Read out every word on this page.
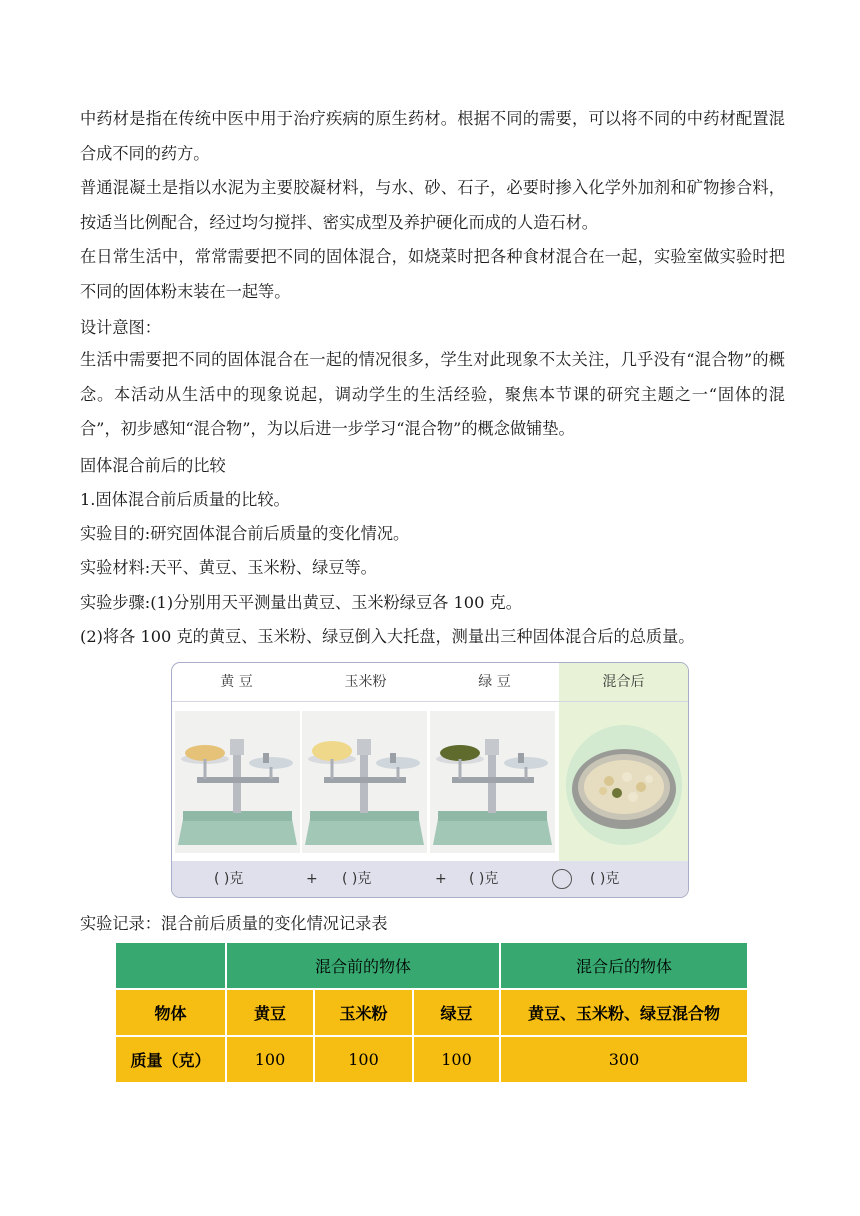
中药材是指在传统中医中用于治疗疾病的原生药材。根据不同的需要，可以将不同的中药材配置混合成不同的药方。

普通混凝土是指以水泥为主要胶凝材料，与水、砂、石子，必要时掺入化学外加剂和矿物掺合料，按适当比例配合，经过均匀搅拌、密实成型及养护硬化而成的人造石材。

在日常生活中，常常需要把不同的固体混合，如烧菜时把各种食材混合在一起，实验室做实验时把不同的固体粉末装在一起等。

设计意图：

生活中需要把不同的固体混合在一起的情况很多，学生对此现象不太关注，几乎没有“混合物”的概念。本活动从生活中的现象说起，调动学生的生活经验，聚焦本节课的研究主题之一“固体的混合”，初步感知“混合物”，为以后进一步学习“混合物”的概念做铺垫。

固体混合前后的比较
1.固体混合前后质量的比较。
实验目的:研究固体混合前后质量的变化情况。
实验材料:天平、黄豆、玉米粉、绿豆等。
实验步骤:(1)分别用天平测量出黄豆、玉米粉绿豆各 100 克。
(2)将各 100 克的黄豆、玉米粉、绿豆倒入大托盘，测量出三种固体混合后的总质量。
黄 豆	玉米粉	绿 豆	混合后
( )克	+ ( )克	+ ( )克	( )克
实验记录：混合前后质量的变化情况记录表
	混合前的物体			混合后的物体
物体	黄豆	玉米粉	绿豆	黄豆、玉米粉、绿豆混合物
质量（克）	100	100	100	300
